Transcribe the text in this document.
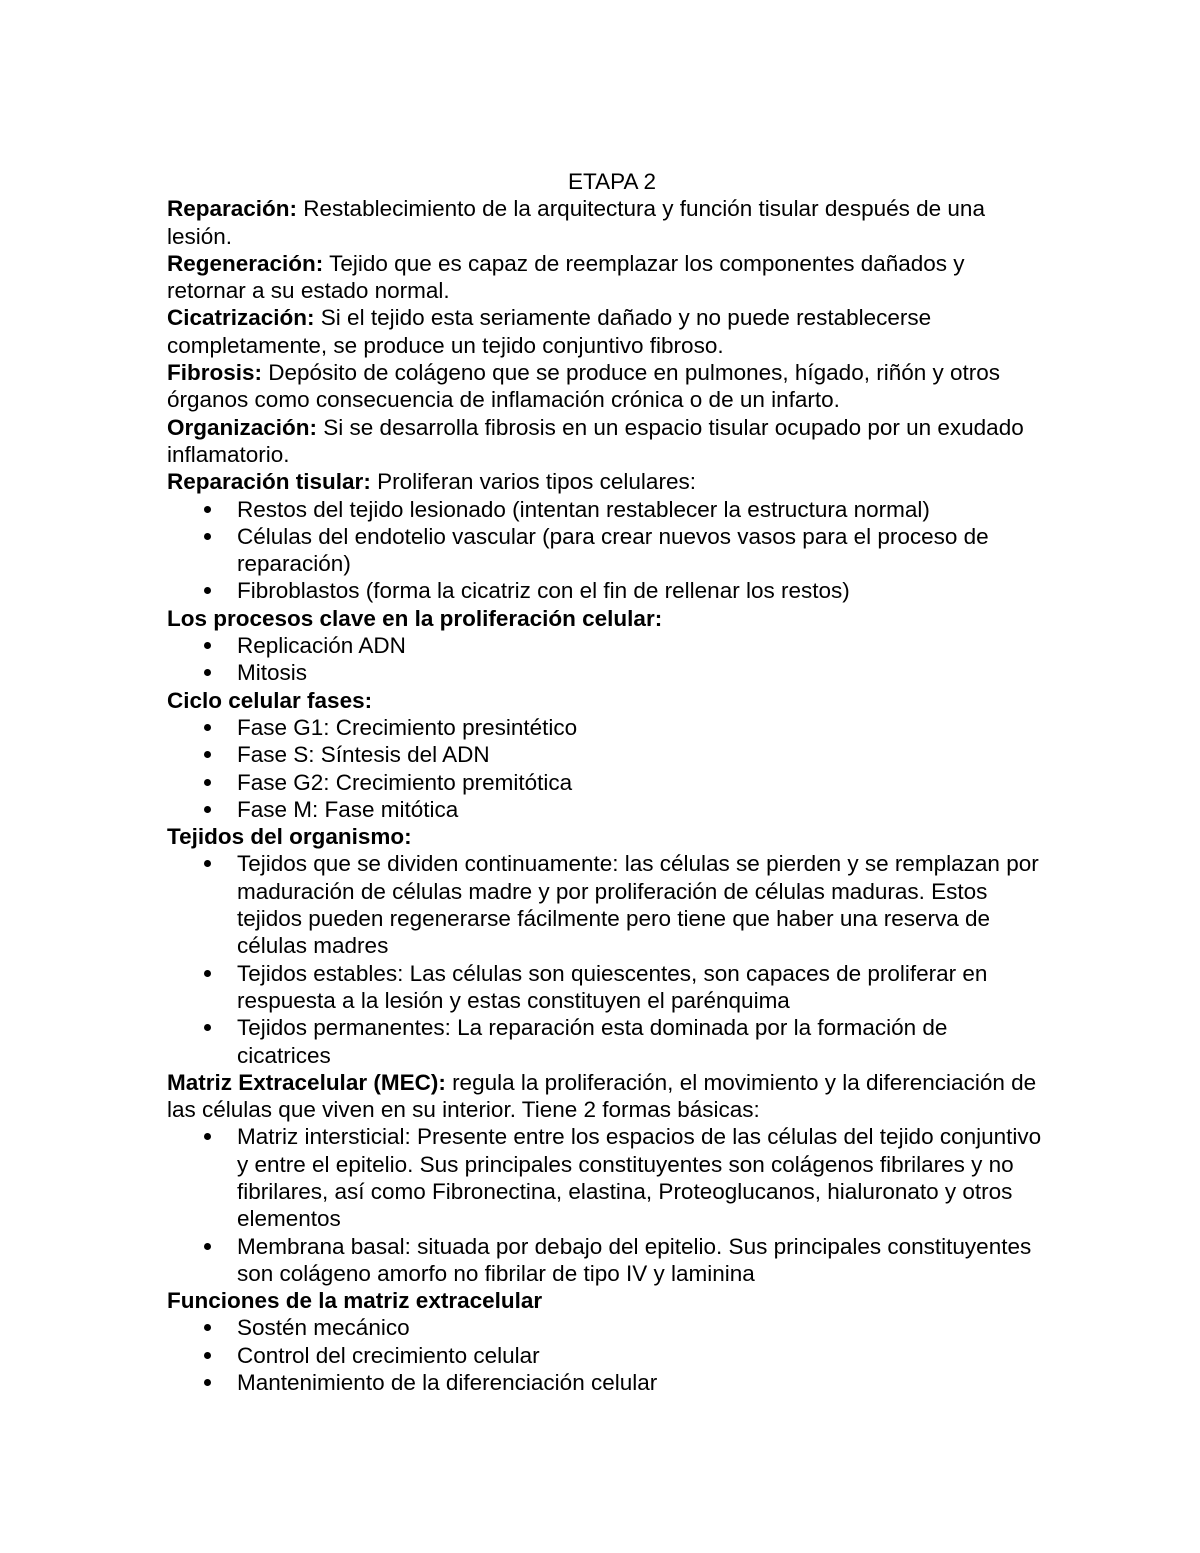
ETAPA 2

Reparación: Restablecimiento de la arquitectura y función tisular después de una lesión.

Regeneración: Tejido que es capaz de reemplazar los componentes dañados y retornar a su estado normal.

Cicatrización: Si el tejido esta seriamente dañado y no puede restablecerse completamente, se produce un tejido conjuntivo fibroso.

Fibrosis: Depósito de colágeno que se produce en pulmones, hígado, riñón y otros órganos como consecuencia de inflamación crónica o de un infarto.

Organización: Si se desarrolla fibrosis en un espacio tisular ocupado por un exudado inflamatorio.

Reparación tisular: Proliferan varios tipos celulares:

Restos del tejido lesionado (intentan restablecer la estructura normal)
Células del endotelio vascular (para crear nuevos vasos para el proceso de reparación)
Fibroblastos (forma la cicatriz con el fin de rellenar los restos)

Los procesos clave en la proliferación celular:

Replicación ADN
Mitosis

Ciclo celular fases:

Fase G1: Crecimiento presintético
Fase S: Síntesis del ADN
Fase G2: Crecimiento premitótica
Fase M: Fase mitótica

Tejidos del organismo:

Tejidos que se dividen continuamente: las células se pierden y se remplazan por maduración de células madre y por proliferación de células maduras. Estos tejidos pueden regenerarse fácilmente pero tiene que haber una reserva de células madres
Tejidos estables: Las células son quiescentes, son capaces de proliferar en respuesta a la lesión y estas constituyen el parénquima
Tejidos permanentes: La reparación esta dominada por la formación de cicatrices

Matriz Extracelular (MEC): regula la proliferación, el movimiento y la diferenciación de las células que viven en su interior. Tiene 2 formas básicas:

Matriz intersticial: Presente entre los espacios de las células del tejido conjuntivo y entre el epitelio. Sus principales constituyentes son colágenos fibrilares y no fibrilares, así como Fibronectina, elastina, Proteoglucanos, hialuronato y otros elementos
Membrana basal: situada por debajo del epitelio. Sus principales constituyentes son colágeno amorfo no fibrilar de tipo IV y laminina

Funciones de la matriz extracelular

Sostén mecánico
Control del crecimiento celular
Mantenimiento de la diferenciación celular
